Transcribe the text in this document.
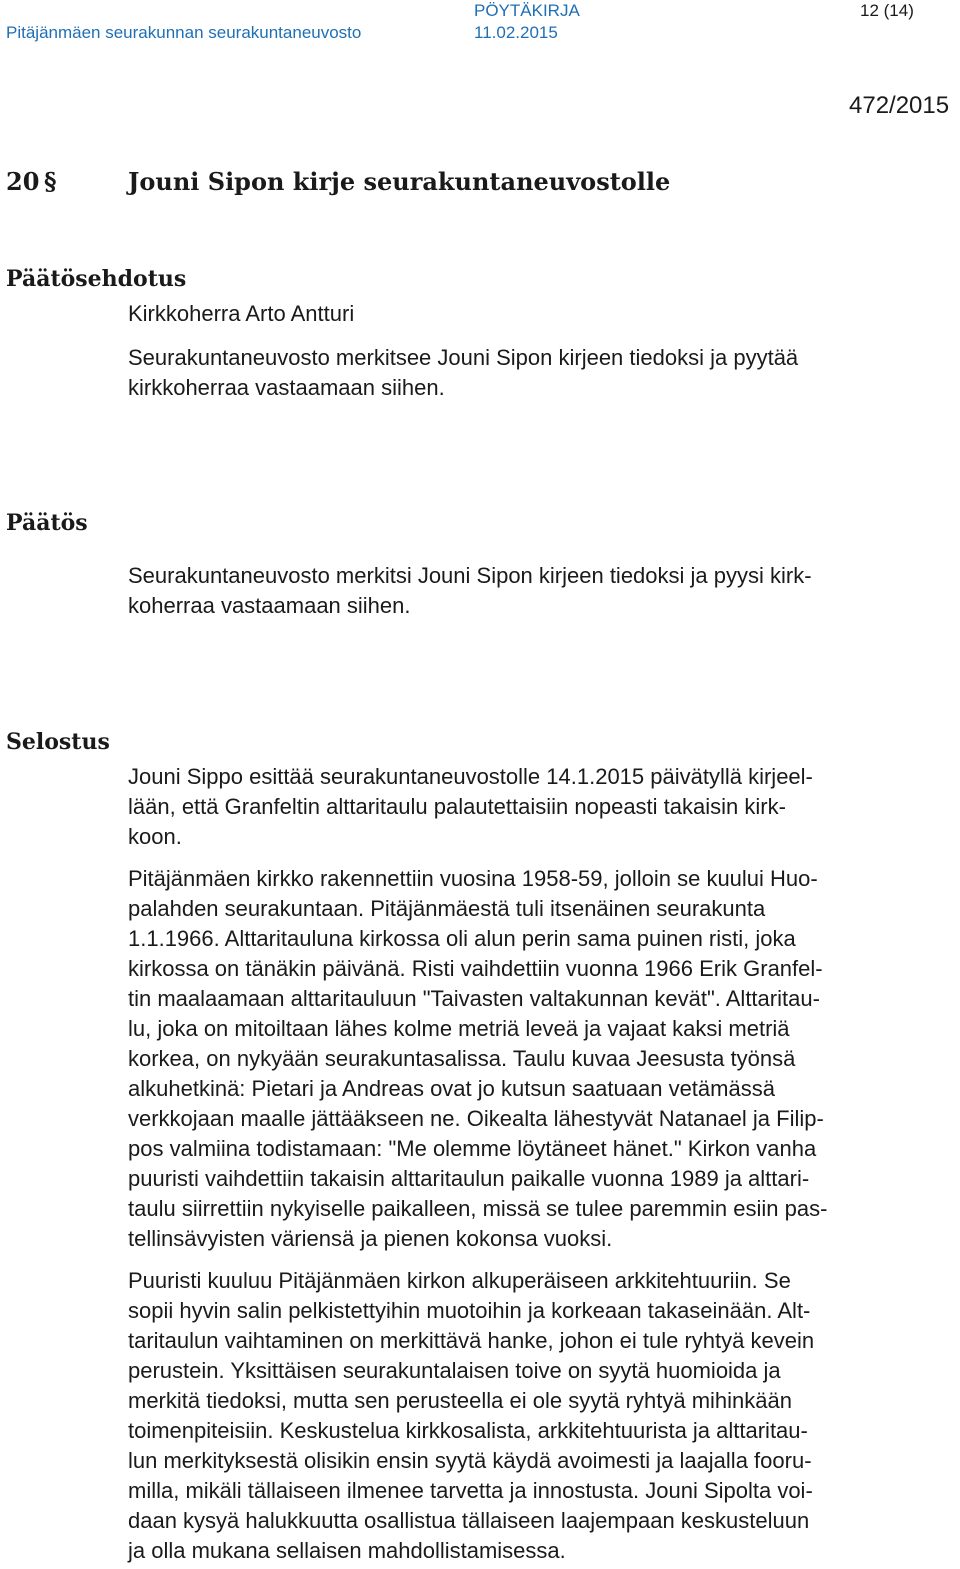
PÖYTÄKIRJA	12 (14)
Pitäjänmäen seurakunnan seurakuntaneuvosto	11.02.2015
472/2015
20 §	Jouni Sipon kirje seurakuntaneuvostolle
Päätösehdotus
Kirkkoherra Arto Antturi
Seurakuntaneuvosto merkitsee Jouni Sipon kirjeen tiedoksi ja pyytää
kirkkoherraa vastaamaan siihen.
Päätös
Seurakuntaneuvosto merkitsi Jouni Sipon kirjeen tiedoksi ja pyysi kirk-
koherraa vastaamaan siihen.
Selostus
Jouni Sippo esittää seurakuntaneuvostolle 14.1.2015 päivätyllä kirjeel-
lään, että Granfeltin alttaritaulu palautettaisiin nopeasti takaisin kirk-
koon.
Pitäjänmäen kirkko rakennettiin vuosina 1958-59, jolloin se kuului Huo-
palahden seurakuntaan. Pitäjänmäestä tuli itsenäinen seurakunta
1.1.1966. Alttaritauluna kirkossa oli alun perin sama puinen risti, joka
kirkossa on tänäkin päivänä. Risti vaihdettiin vuonna 1966 Erik Granfel-
tin maalaamaan alttaritauluun "Taivasten valtakunnan kevät". Alttaritau-
lu, joka on mitoiltaan lähes kolme metriä leveä ja vajaat kaksi metriä
korkea, on nykyään seurakuntasalissa. Taulu kuvaa Jeesusta työnsä
alkuhetkinä: Pietari ja Andreas ovat jo kutsun saatuaan vetämässä
verkkojaan maalle jättääkseen ne. Oikealta lähestyvät Natanael ja Filip-
pos valmiina todistamaan: "Me olemme löytäneet hänet." Kirkon vanha
puuristi vaihdettiin takaisin alttaritaulun paikalle vuonna 1989 ja alttari-
taulu siirrettiin nykyiselle paikalleen, missä se tulee paremmin esiin pas-
tellinsävyisten väriensä ja pienen kokonsa vuoksi.
Puuristi kuuluu Pitäjänmäen kirkon alkuperäiseen arkkitehtuuriin. Se
sopii hyvin salin pelkistettyihin muotoihin ja korkeaan takaseinään. Alt-
taritaulun vaihtaminen on merkittävä hanke, johon ei tule ryhtyä kevein
perustein. Yksittäisen seurakuntalaisen toive on syytä huomioida ja
merkitä tiedoksi, mutta sen perusteella ei ole syytä ryhtyä mihinkään
toimenpiteisiin. Keskustelua kirkkosalista, arkkitehtuurista ja alttaritau-
lun merkityksestä olisikin ensin syytä käydä avoimesti ja laajalla fooru-
milla, mikäli tällaiseen ilmenee tarvetta ja innostusta. Jouni Sipolta voi-
daan kysyä halukkuutta osallistua tällaiseen laajempaan keskusteluun
ja olla mukana sellaisen mahdollistamisessa.
